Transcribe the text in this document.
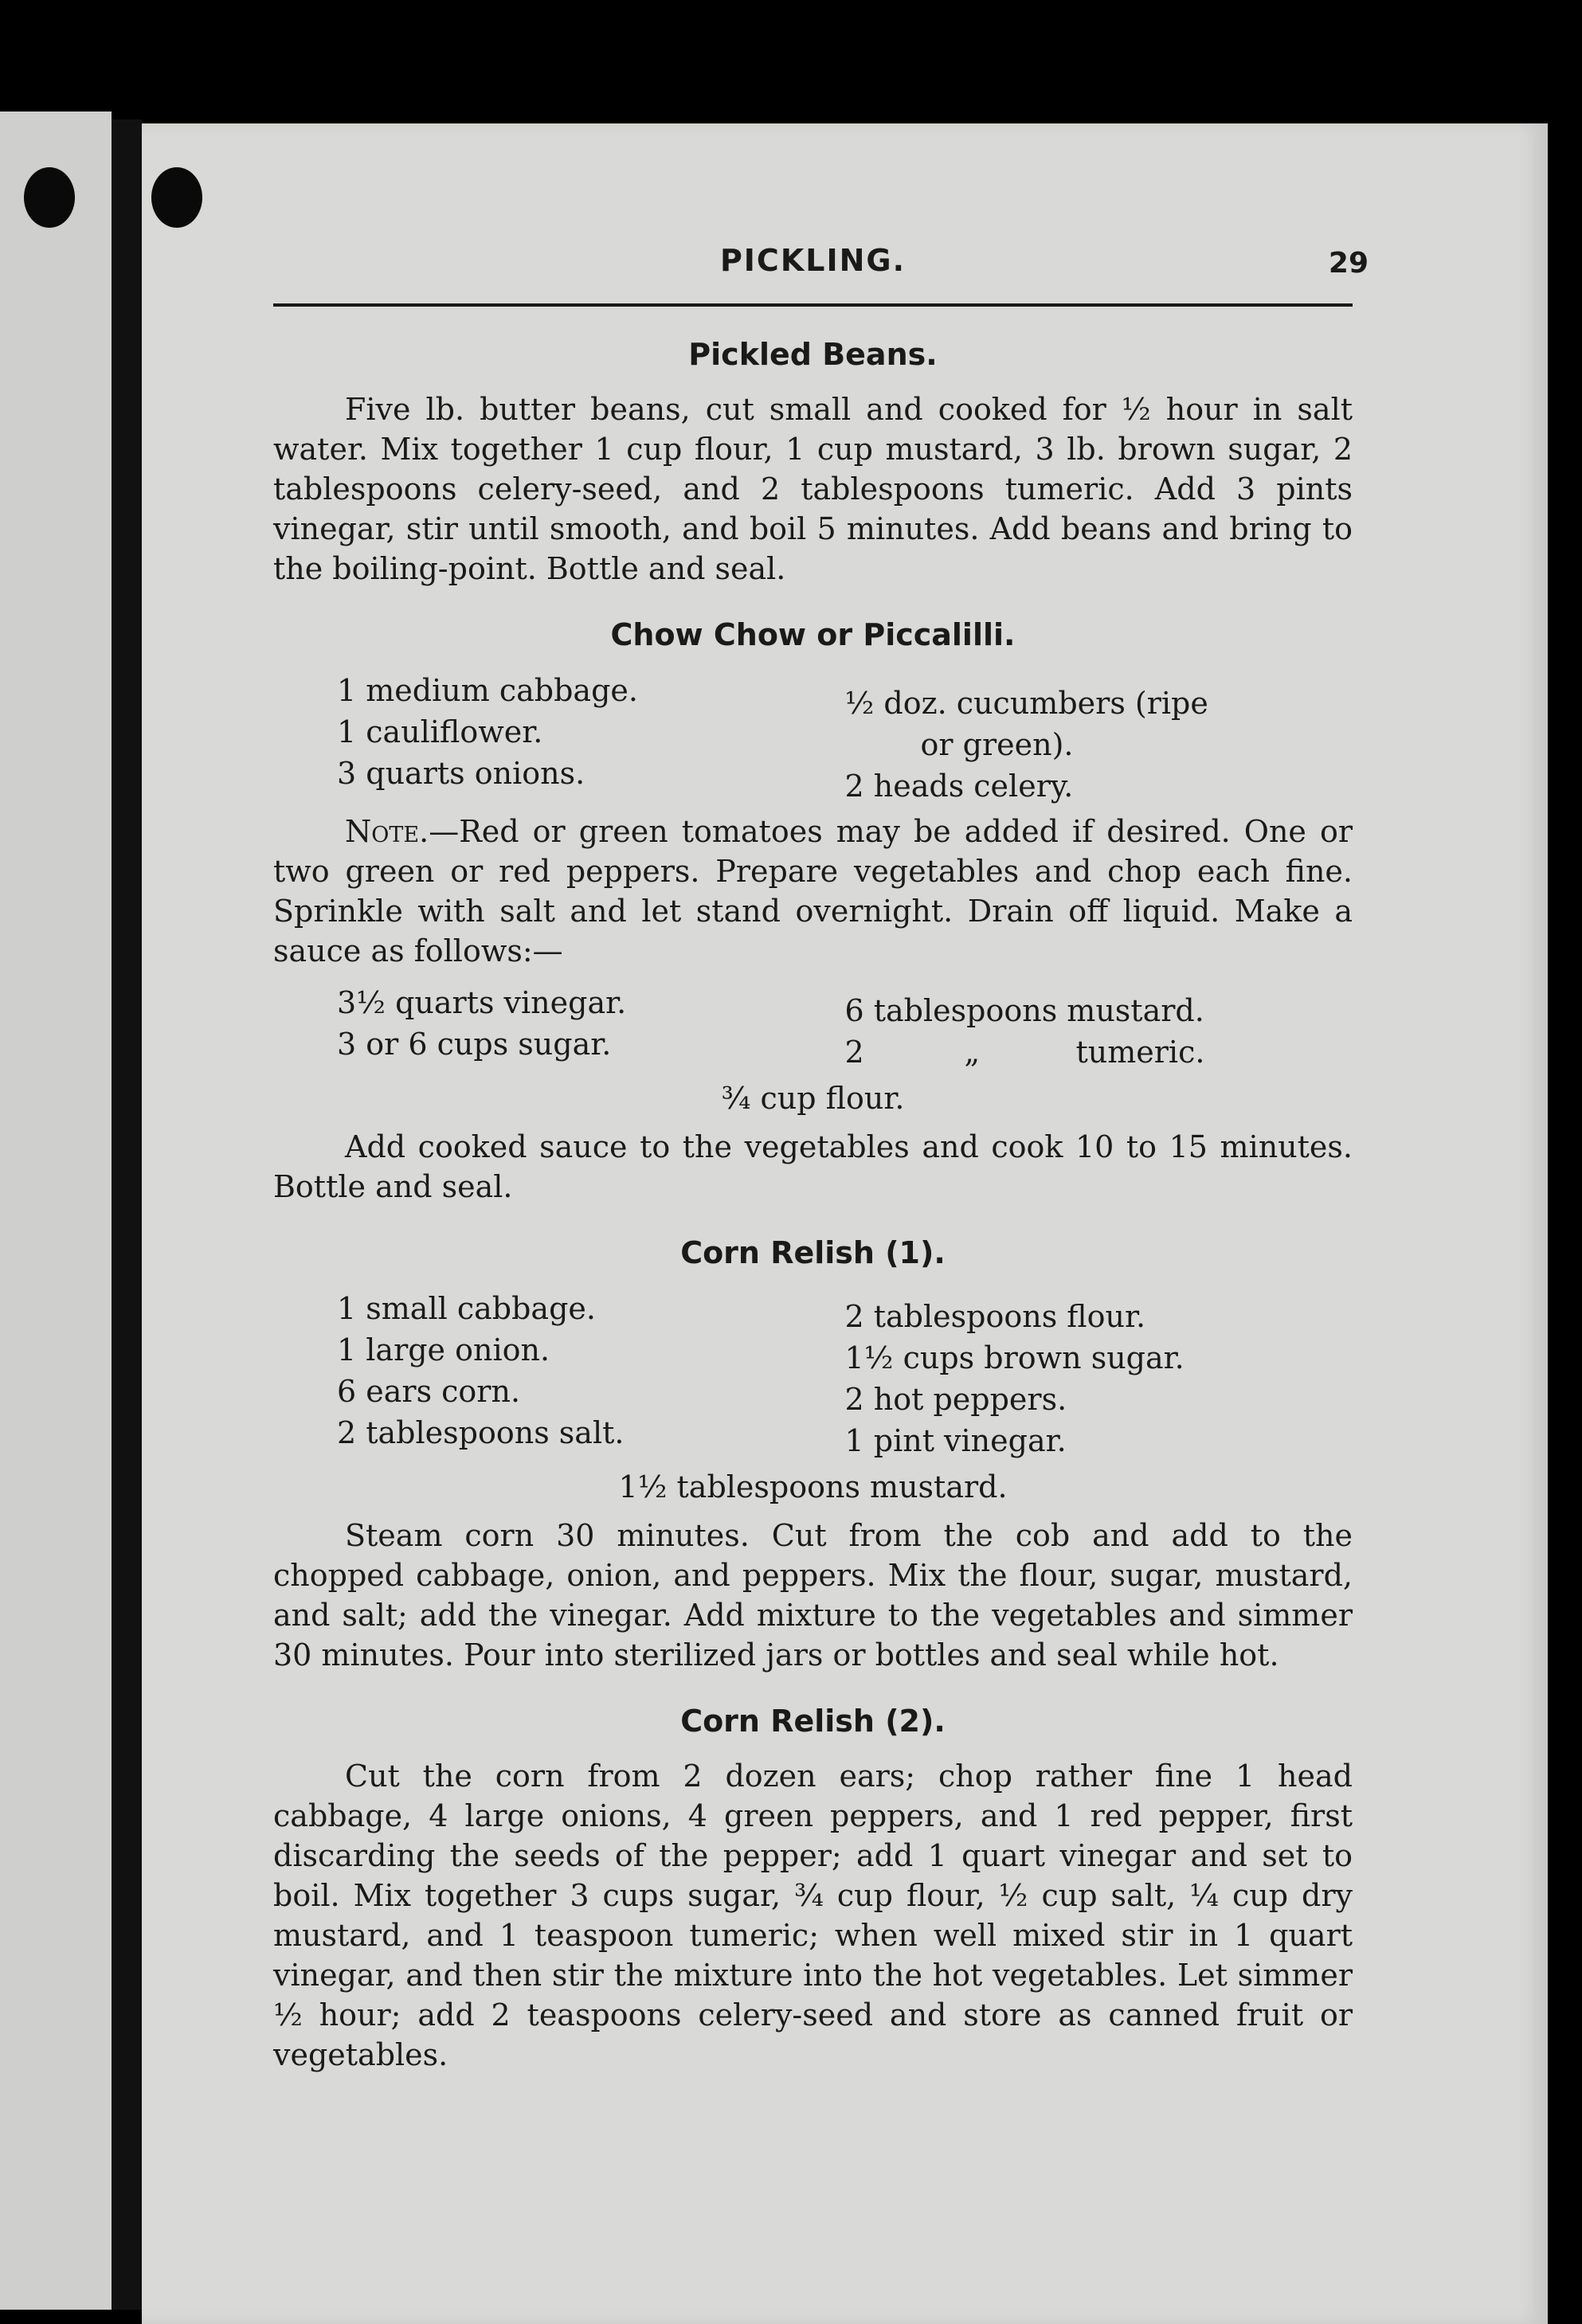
PICKLING.	29
Pickled Beans.

Five lb. butter beans, cut small and cooked for ½ hour in salt water. Mix together 1 cup flour, 1 cup mustard, 3 lb. brown sugar, 2 tablespoons celery-seed, and 2 tablespoons tumeric. Add 3 pints vinegar, stir until smooth, and boil 5 minutes. Add beans and bring to the boiling-point. Bottle and seal.

Chow Chow or Piccalilli.
1 medium cabbage.
1 cauliflower.
3 quarts onions.
½ doz. cucumbers (ripe
or green).
2 heads celery.

Note.—Red or green tomatoes may be added if desired. One or two green or red peppers. Prepare vegetables and chop each fine. Sprinkle with salt and let stand overnight. Drain off liquid. Make a sauce as follows:—

3½ quarts vinegar.
3 or 6 cups sugar.
6 tablespoons mustard.
2	„	tumeric.
¾ cup flour.

Add cooked sauce to the vegetables and cook 10 to 15 minutes. Bottle and seal.

Corn Relish (1).
1 small cabbage.
1 large onion.
6 ears corn.
2 tablespoons salt.
2 tablespoons flour.
1½ cups brown sugar.
2 hot peppers.
1 pint vinegar.
1½ tablespoons mustard.

Steam corn 30 minutes. Cut from the cob and add to the chopped cabbage, onion, and peppers. Mix the flour, sugar, mustard, and salt; add the vinegar. Add mixture to the vegetables and simmer 30 minutes. Pour into sterilized jars or bottles and seal while hot.

Corn Relish (2).

Cut the corn from 2 dozen ears; chop rather fine 1 head cabbage, 4 large onions, 4 green peppers, and 1 red pepper, first discarding the seeds of the pepper; add 1 quart vinegar and set to boil. Mix together 3 cups sugar, ¾ cup flour, ½ cup salt, ¼ cup dry mustard, and 1 teaspoon tumeric; when well mixed stir in 1 quart vinegar, and then stir the mixture into the hot vegetables. Let simmer ½ hour; add 2 teaspoons celery-seed and store as canned fruit or vegetables.
